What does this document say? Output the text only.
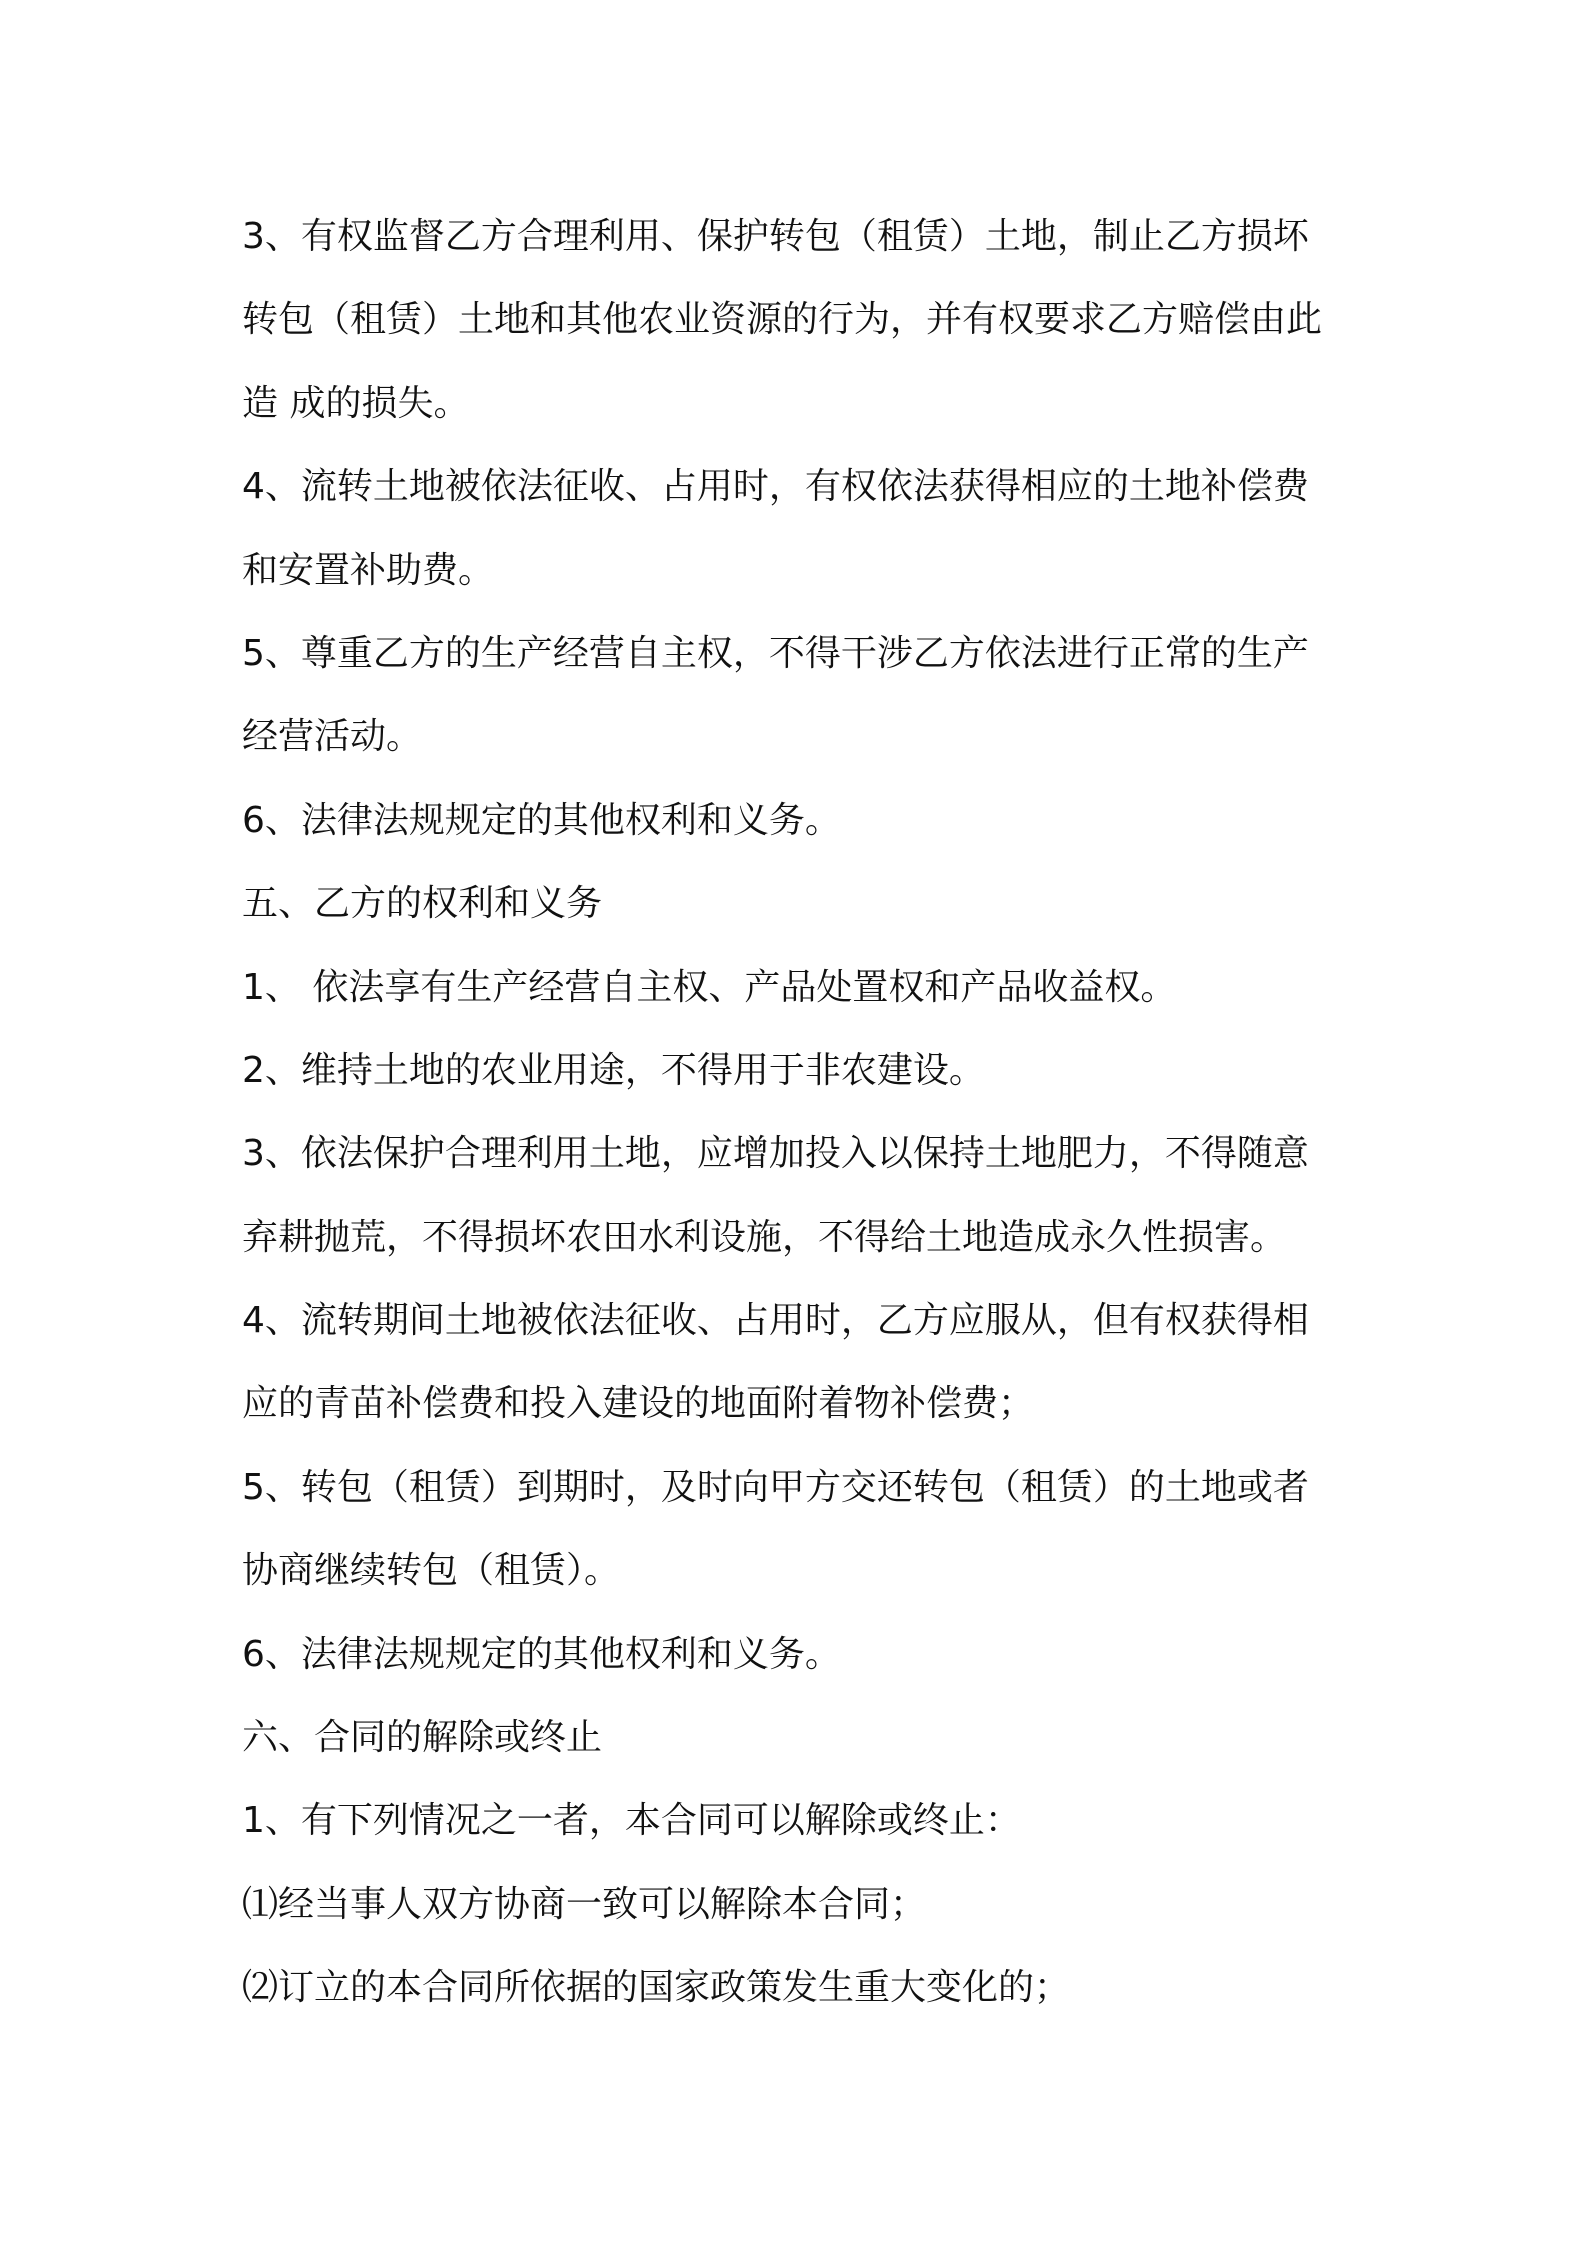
3、有权监督乙方合理利用、保护转包（租赁）土地，制止乙方损坏

转包（租赁）土地和其他农业资源的行为，并有权要求乙方赔偿由此

造 成的损失。

4、流转土地被依法征收、占用时，有权依法获得相应的土地补偿费

和安置补助费。

5、尊重乙方的生产经营自主权，不得干涉乙方依法进行正常的生产

经营活动。

6、法律法规规定的其他权利和义务。

五、乙方的权利和义务

1、 依法享有生产经营自主权、产品处置权和产品收益权。

2、维持土地的农业用途，不得用于非农建设。

3、依法保护合理利用土地，应增加投入以保持土地肥力，不得随意

弃耕抛荒，不得损坏农田水利设施，不得给土地造成永久性损害。

4、流转期间土地被依法征收、占用时，乙方应服从，但有权获得相

应的青苗补偿费和投入建设的地面附着物补偿费；

5、转包（租赁）到期时，及时向甲方交还转包（租赁）的土地或者

协商继续转包（租赁）。

6、法律法规规定的其他权利和义务。

六、合同的解除或终止

1、有下列情况之一者，本合同可以解除或终止：

⑴经当事人双方协商一致可以解除本合同；

⑵订立的本合同所依据的国家政策发生重大变化的；
